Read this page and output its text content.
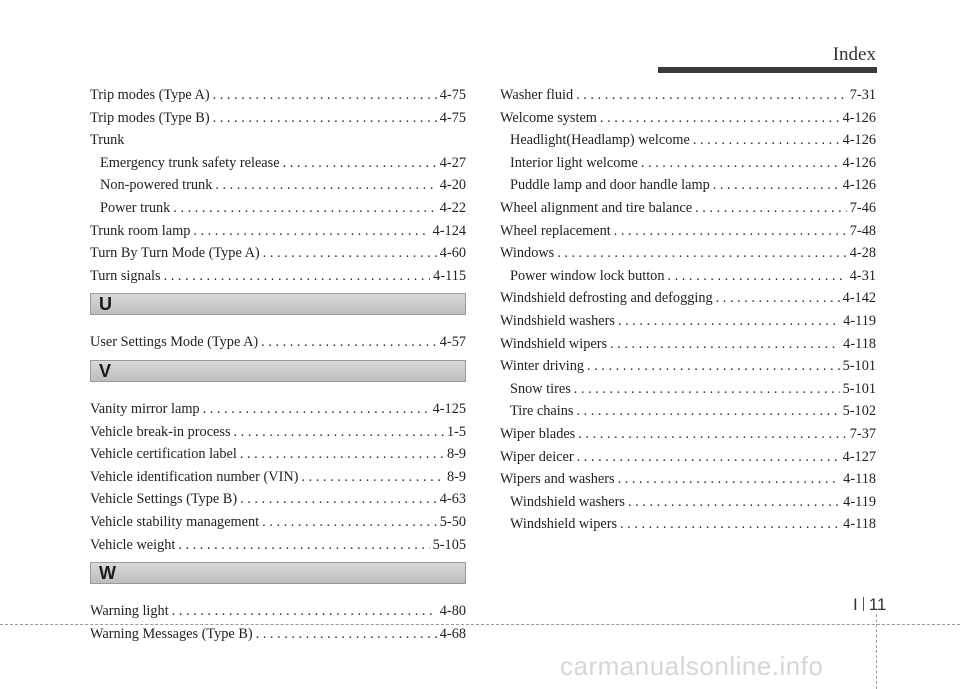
Index
Trip modes (Type A) . . .	4-75
Trip modes (Type B) . . .	4-75
Trunk
Emergency trunk safety release . . .	4-27
Non-powered trunk . . .	4-20
Power trunk . . .	4-22
Trunk room lamp . . .	4-124
Turn By Turn Mode (Type A) . . .	4-60
Turn signals . . .	4-115
U
User Settings Mode (Type A) . . .	4-57
V
Vanity mirror lamp . . .	4-125
Vehicle break-in process . . .	1-5
Vehicle certification label . . .	8-9
Vehicle identification number (VIN) . . .	8-9
Vehicle Settings (Type B) . . .	4-63
Vehicle stability management . . .	5-50
Vehicle weight . . .	5-105
W
Warning light . . .	4-80
Warning Messages (Type B) . . .	4-68
Washer fluid . . .	7-31
Welcome system . . .	4-126
Headlight(Headlamp) welcome . . .	4-126
Interior light welcome . . .	4-126
Puddle lamp and door handle lamp . . .	4-126
Wheel alignment and tire balance . . .	7-46
Wheel replacement . . .	7-48
Windows . . .	4-28
Power window lock button . . .	4-31
Windshield defrosting and defogging . . .	4-142
Windshield washers . . .	4-119
Windshield wipers . . .	4-118
Winter driving . . .	5-101
Snow tires . . .	5-101
Tire chains . . .	5-102
Wiper blades . . .	7-37
Wiper deicer . . .	4-127
Wipers and washers . . .	4-118
Windshield washers . . .	4-119
Windshield wipers . . .	4-118
I 11
carmanualsonline.info
